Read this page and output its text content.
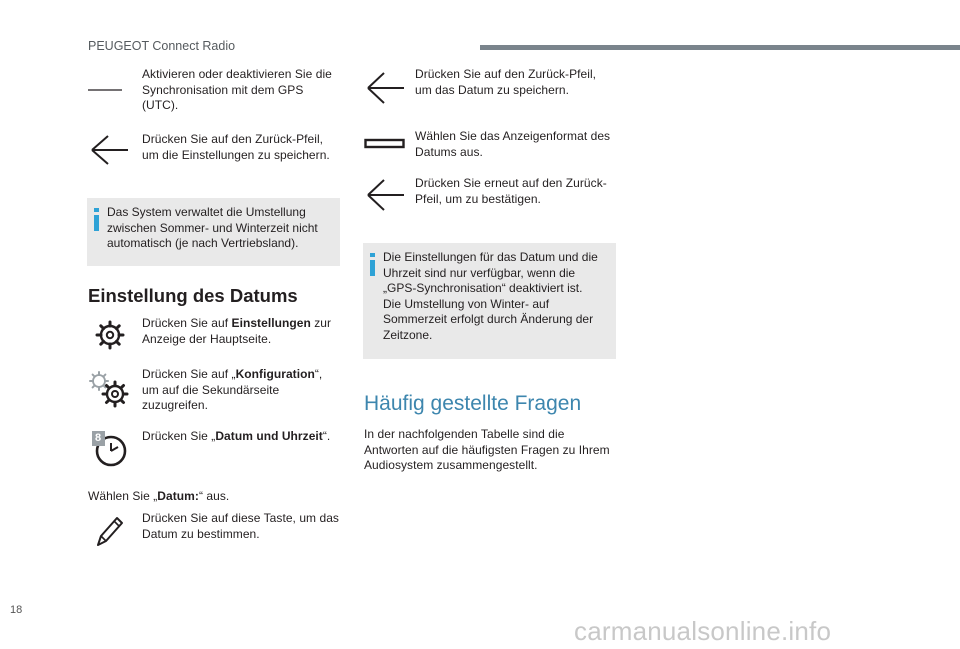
PEUGEOT Connect Radio
Aktivieren oder deaktivieren Sie die Synchronisation mit dem GPS (UTC).
Drücken Sie auf den Zurück-Pfeil, um die Einstellungen zu speichern.
Das System verwaltet die Umstellung zwischen Sommer- und Winterzeit nicht automatisch (je nach Vertriebsland).
Einstellung des Datums
Drücken Sie auf Einstellungen zur Anzeige der Hauptseite.
Drücken Sie auf „Konfiguration“, um auf die Sekundärseite zuzugreifen.
8	Drücken Sie „Datum und Uhrzeit“.
Wählen Sie „Datum:“ aus.
Drücken Sie auf diese Taste, um das Datum zu bestimmen.
Drücken Sie auf den Zurück-Pfeil, um das Datum zu speichern.
Wählen Sie das Anzeigenformat des Datums aus.
Drücken Sie erneut auf den Zurück-Pfeil, um zu bestätigen.
Die Einstellungen für das Datum und die Uhrzeit sind nur verfügbar, wenn die „GPS-Synchronisation“ deaktiviert ist.
Die Umstellung von Winter- auf Sommerzeit erfolgt durch Änderung der Zeitzone.
Häufig gestellte Fragen
In der nachfolgenden Tabelle sind die Antworten auf die häufigsten Fragen zu Ihrem Audiosystem zusammengestellt.
18
carmanualsonline.info
